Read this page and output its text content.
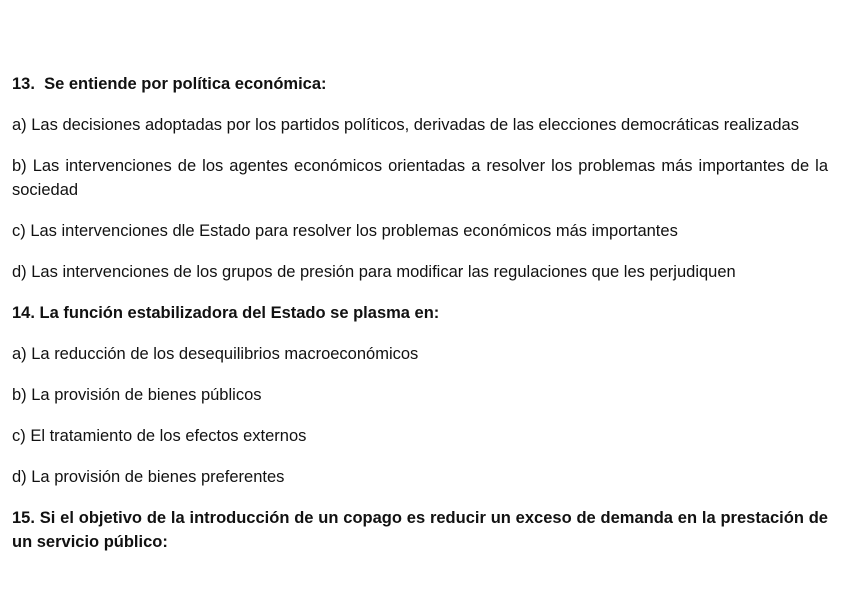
13. Se entiende por política económica:

a) Las decisiones adoptadas por los partidos políticos, derivadas de las elecciones democráticas realizadas

b) Las intervenciones de los agentes económicos orientadas a resolver los problemas más importantes de la sociedad

c) Las intervenciones dle Estado para resolver los problemas económicos más importantes

d) Las intervenciones de los grupos de presión para modificar las regulaciones que les perjudiquen

14. La función estabilizadora del Estado se plasma en:

a) La reducción de los desequilibrios macroeconómicos

b) La provisión de bienes públicos

c) El tratamiento de los efectos externos

d) La provisión de bienes preferentes

15. Si el objetivo de la introducción de un copago es reducir un exceso de demanda en la prestación de un servicio público:
